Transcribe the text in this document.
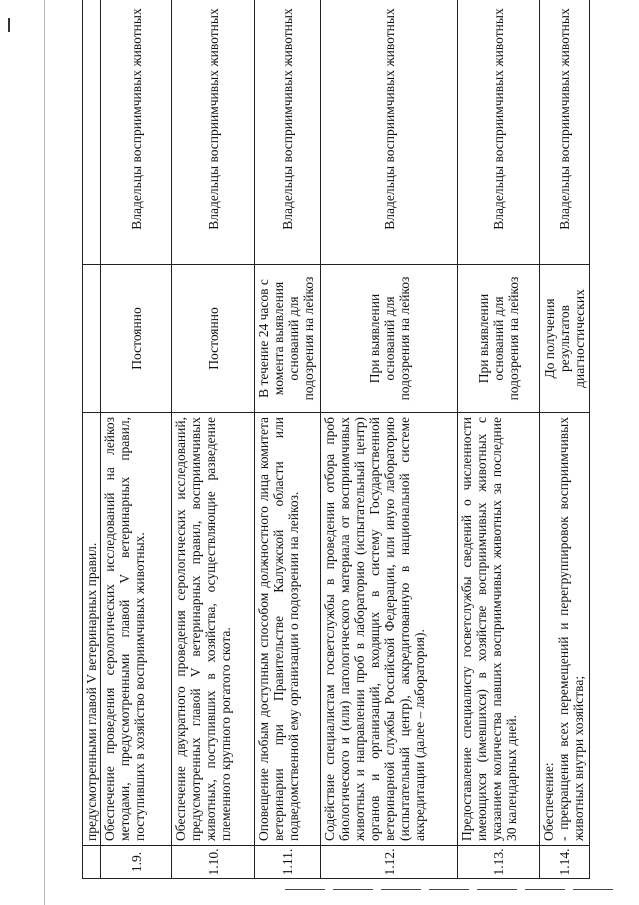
	предусмотренными главой V ветеринарных правил.		
1.9.	Обеспечение проведения серологических исследований на лейкоз методами, предусмотренными главой V ветеринарных правил, поступивших в хозяйство восприимчивых животных.	Постоянно	Владельцы восприимчивых животных
1.10.	Обеспечение двукратного проведения серологических исследований, предусмотренных главой V ветеринарных правил, восприимчивых животных, поступивших в хозяйства, осуществляющие разведение племенного крупного рогатого скота.	Постоянно	Владельцы восприимчивых животных
1.11.	Оповещение любым доступным способом должностного лица комитета ветеринарии при Правительстве Калужской области или подведомственной ему организации о подозрении на лейкоз.	В течение 24 часов с момента выявления оснований для подозрения на лейкоз	Владельцы восприимчивых животных
1.12.	Содействие специалистам госветслужбы в проведении отбора проб биологического и (или) патологического материала от восприимчивых животных и направлении проб в лабораторию (испытательный центр) органов и организаций, входящих в систему Государственной ветеринарной службы Российской Федерации, или иную лабораторию (испытательный центр), аккредитованную в национальной системе аккредитации (далее – лаборатория).	При выявлении оснований для подозрения на лейкоз	Владельцы восприимчивых животных
1.13.	Предоставление специалисту госветслужбы сведений о численности имеющихся (имевшихся) в хозяйстве восприимчивых животных с указанием количества павших восприимчивых животных за последние 30 календарных дней.	При выявлении оснований для подозрения на лейкоз	Владельцы восприимчивых животных
1.14.	Обеспечение:
- прекращения всех перемещений и перегруппировок восприимчивых животных внутри хозяйства;	До получения результатов диагностических	Владельцы восприимчивых животных
